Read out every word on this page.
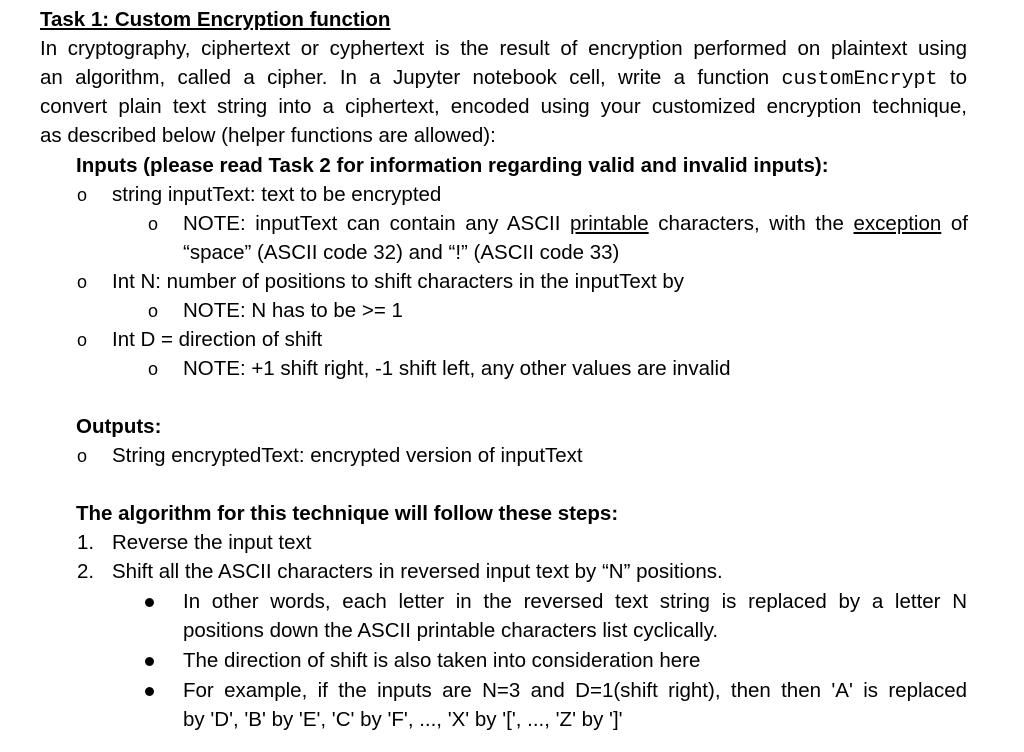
Task 1: Custom Encryption function
In cryptography, ciphertext or cyphertext is the result of encryption performed on plaintext using
an algorithm, called a cipher. In a Jupyter notebook cell, write a function customEncrypt to
convert plain text string into a ciphertext, encoded using your customized encryption technique,
as described below (helper functions are allowed):
Inputs (please read Task 2 for information regarding valid and invalid inputs):
o string inputText: text to be encrypted
o NOTE: inputText can contain any ASCII printable characters, with the exception of
“space” (ASCII code 32) and “!” (ASCII code 33)
o Int N: number of positions to shift characters in the inputText by
o NOTE: N has to be >= 1
o Int D = direction of shift
o NOTE: +1 shift right, -1 shift left, any other values are invalid
Outputs:
o String encryptedText: encrypted version of inputText
The algorithm for this technique will follow these steps:
1. Reverse the input text
2. Shift all the ASCII characters in reversed input text by “N” positions.
In other words, each letter in the reversed text string is replaced by a letter N
positions down the ASCII printable characters list cyclically.
The direction of shift is also taken into consideration here
For example, if the inputs are N=3 and D=1(shift right), then then 'A' is replaced
by 'D', 'B' by 'E', 'C' by 'F', ..., 'X' by '[', ..., 'Z' by ']'
